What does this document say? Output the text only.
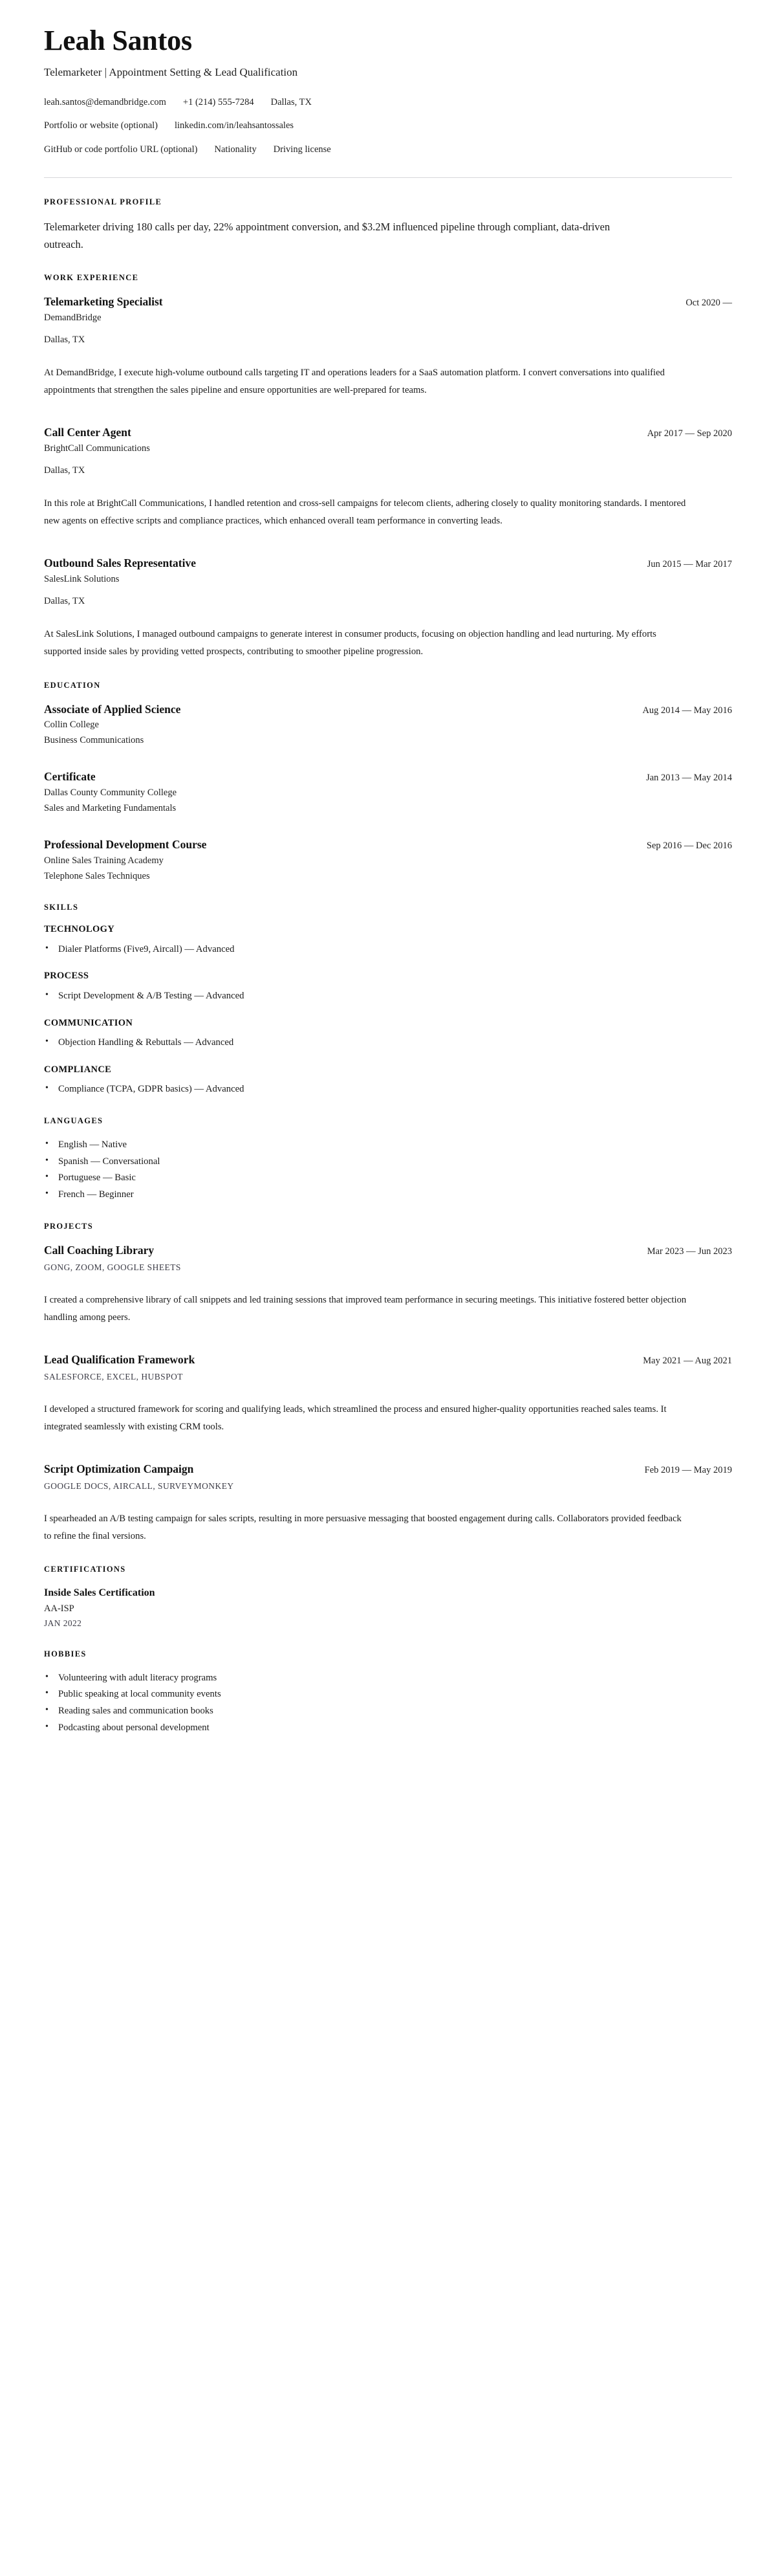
Leah Santos
Telemarketer | Appointment Setting & Lead Qualification
leah.santos@demandbridge.com +1 (214) 555-7284 Dallas, TX
Portfolio or website (optional) linkedin.com/in/leahsantossales
GitHub or code portfolio URL (optional) Nationality Driving license
PROFESSIONAL PROFILE

Telemarketer driving 180 calls per day, 22% appointment conversion, and $3.2M influenced pipeline through compliant, data-driven outreach.

WORK EXPERIENCE
Telemarketing Specialist	Oct 2020 —
DemandBridge
Dallas, TX

At DemandBridge, I execute high-volume outbound calls targeting IT and operations leaders for a SaaS automation platform. I convert conversations into qualified appointments that strengthen the sales pipeline and ensure opportunities are well-prepared for teams.

Call Center Agent	Apr 2017 — Sep 2020
BrightCall Communications
Dallas, TX

In this role at BrightCall Communications, I handled retention and cross-sell campaigns for telecom clients, adhering closely to quality monitoring standards. I mentored new agents on effective scripts and compliance practices, which enhanced overall team performance in converting leads.

Outbound Sales Representative	Jun 2015 — Mar 2017
SalesLink Solutions
Dallas, TX

At SalesLink Solutions, I managed outbound campaigns to generate interest in consumer products, focusing on objection handling and lead nurturing. My efforts supported inside sales by providing vetted prospects, contributing to smoother pipeline progression.

EDUCATION
Associate of Applied Science	Aug 2014 — May 2016
Collin College
Business Communications
Certificate	Jan 2013 — May 2014
Dallas County Community College
Sales and Marketing Fundamentals
Professional Development Course	Sep 2016 — Dec 2016
Online Sales Training Academy
Telephone Sales Techniques
SKILLS
TECHNOLOGY
• Dialer Platforms (Five9, Aircall) — Advanced
PROCESS
• Script Development & A/B Testing — Advanced
COMMUNICATION
• Objection Handling & Rebuttals — Advanced
COMPLIANCE
• Compliance (TCPA, GDPR basics) — Advanced
LANGUAGES
• English — Native
• Spanish — Conversational
• Portuguese — Basic
• French — Beginner
PROJECTS
Call Coaching Library	Mar 2023 — Jun 2023
GONG, ZOOM, GOOGLE SHEETS

I created a comprehensive library of call snippets and led training sessions that improved team performance in securing meetings. This initiative fostered better objection handling among peers.

Lead Qualification Framework	May 2021 — Aug 2021
SALESFORCE, EXCEL, HUBSPOT

I developed a structured framework for scoring and qualifying leads, which streamlined the process and ensured higher-quality opportunities reached sales teams. It integrated seamlessly with existing CRM tools.

Script Optimization Campaign	Feb 2019 — May 2019
GOOGLE DOCS, AIRCALL, SURVEYMONKEY

I spearheaded an A/B testing campaign for sales scripts, resulting in more persuasive messaging that boosted engagement during calls. Collaborators provided feedback to refine the final versions.

CERTIFICATIONS
Inside Sales Certification
AA-ISP
JAN 2022
HOBBIES
• Volunteering with adult literacy programs
• Public speaking at local community events
• Reading sales and communication books
• Podcasting about personal development
